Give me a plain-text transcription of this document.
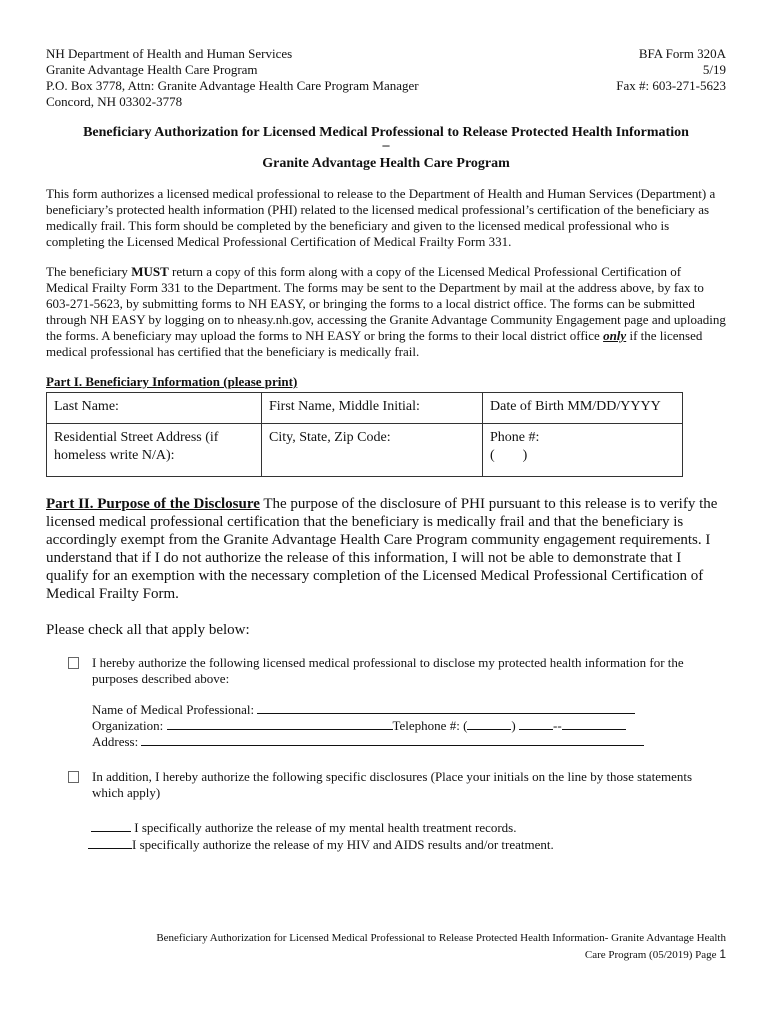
NH Department of Health and Human Services
Granite Advantage Health Care Program
P.O. Box 3778, Attn: Granite Advantage Health Care Program Manager
Concord, NH 03302-3778
BFA Form 320A
5/19
Fax #: 603-271-5623
Beneficiary Authorization for Licensed Medical Professional to Release Protected Health Information
–
Granite Advantage Health Care Program

This form authorizes a licensed medical professional to release to the Department of Health and Human Services (Department) a beneficiary’s protected health information (PHI) related to the licensed medical professional’s certification of the beneficiary as medically frail. This form should be completed by the beneficiary and given to the licensed medical professional who is completing the Licensed Medical Professional Certification of Medical Frailty Form 331.

The beneficiary MUST return a copy of this form along with a copy of the Licensed Medical Professional Certification of Medical Frailty Form 331 to the Department. The forms may be sent to the Department by mail at the address above, by fax to 603-271-5623, by submitting forms to NH EASY, or bringing the forms to a local district office. The forms can be submitted through NH EASY by logging on to nheasy.nh.gov, accessing the Granite Advantage Community Engagement page and uploading the forms. A beneficiary may upload the forms to NH EASY or bring the forms to their local district office only if the licensed medical professional has certified that the beneficiary is medically frail.

Part I. Beneficiary Information (please print)
Last Name:	First Name, Middle Initial:	Date of Birth MM/DD/YYYY
Residential Street Address (if homeless write N/A):	City, State, Zip Code:	Phone #:
(        )
Part II. Purpose of the Disclosure The purpose of the disclosure of PHI pursuant to this release is to verify the licensed medical professional certification that the beneficiary is medically frail and that the beneficiary is accordingly exempt from the Granite Advantage Health Care Program community engagement requirements. I understand that if I do not authorize the release of this information, I will not be able to demonstrate that I qualify for an exemption with the necessary completion of the Licensed Medical Professional Certification of Medical Frailty Form.
Please check all that apply below:
I hereby authorize the following licensed medical professional to disclose my protected health information for the purposes described above:
Name of Medical Professional:
Organization:	Telephone #: (	)	--
Address:
In addition, I hereby authorize the following specific disclosures (Place your initials on the line by those statements which apply)
I specifically authorize the release of my mental health treatment records.
I specifically authorize the release of my HIV and AIDS results and/or treatment.
Beneficiary Authorization for Licensed Medical Professional to Release Protected Health Information- Granite Advantage Health
Care Program (05/2019) Page 1
